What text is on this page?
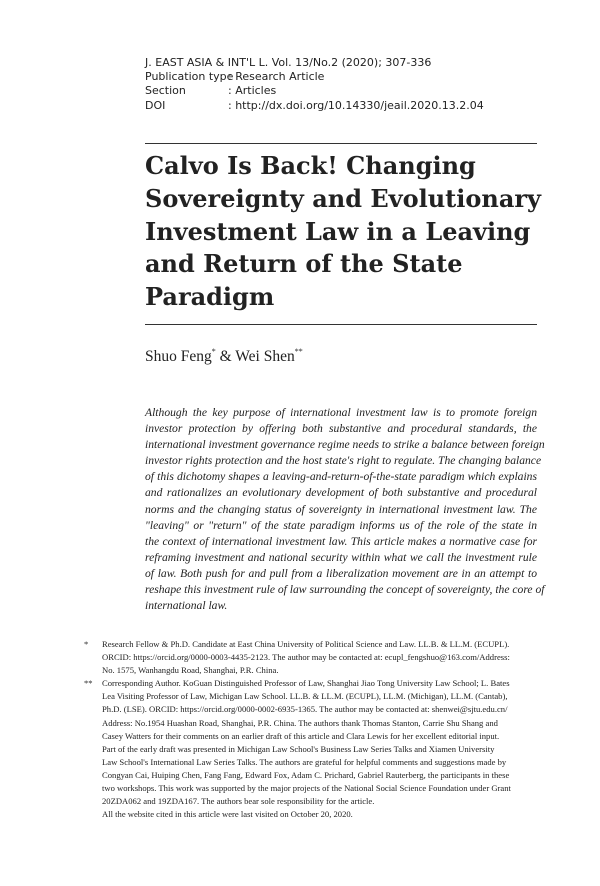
J. EAST ASIA & INT'L L. Vol. 13/No.2 (2020); 307-336
Publication type: Research Article
Section	: Articles
DOI	: http://dx.doi.org/10.14330/jeail.2020.13.2.04
Calvo Is Back! Changing
Sovereignty and Evolutionary
Investment Law in a Leaving
and Return of the State
Paradigm
Shuo Feng* & Wei Shen**
Although the key purpose of international investment law is to promote foreign
investor protection by offering both substantive and procedural standards, the
international investment governance regime needs to strike a balance between foreign
investor rights protection and the host state's right to regulate. The changing balance
of this dichotomy shapes a leaving-and-return-of-the-state paradigm which explains
and rationalizes an evolutionary development of both substantive and procedural
norms and the changing status of sovereignty in international investment law. The
"leaving" or "return" of the state paradigm informs us of the role of the state in
the context of international investment law. This article makes a normative case for
reframing investment and national security within what we call the investment rule
of law. Both push for and pull from a liberalization movement are in an attempt to
reshape this investment rule of law surrounding the concept of sovereignty, the core of
international law.
* Research Fellow & Ph.D. Candidate at East China University of Political Science and Law. LL.B. & LL.M. (ECUPL).
ORCID: https://orcid.org/0000-0003-4435-2123. The author may be contacted at: ecupl_fengshuo@163.com/Address:
No. 1575, Wanhangdu Road, Shanghai, P.R. China.
** Corresponding Author. KoGuan Distinguished Professor of Law, Shanghai Jiao Tong University Law School; L. Bates
Lea Visiting Professor of Law, Michigan Law School. LL.B. & LL.M. (ECUPL), LL.M. (Michigan), LL.M. (Cantab),
Ph.D. (LSE). ORCID: https://orcid.org/0000-0002-6935-1365. The author may be contacted at: shenwei@sjtu.edu.cn/
Address: No.1954 Huashan Road, Shanghai, P.R. China. The authors thank Thomas Stanton, Carrie Shu Shang and
Casey Watters for their comments on an earlier draft of this article and Clara Lewis for her excellent editorial input.
Part of the early draft was presented in Michigan Law School's Business Law Series Talks and Xiamen University
Law School's International Law Series Talks. The authors are grateful for helpful comments and suggestions made by
Congyan Cai, Huiping Chen, Fang Fang, Edward Fox, Adam C. Prichard, Gabriel Rauterberg, the participants in these
two workshops. This work was supported by the major projects of the National Social Science Foundation under Grant
20ZDA062 and 19ZDA167. The authors bear sole responsibility for the article.
All the website cited in this article were last visited on October 20, 2020.
